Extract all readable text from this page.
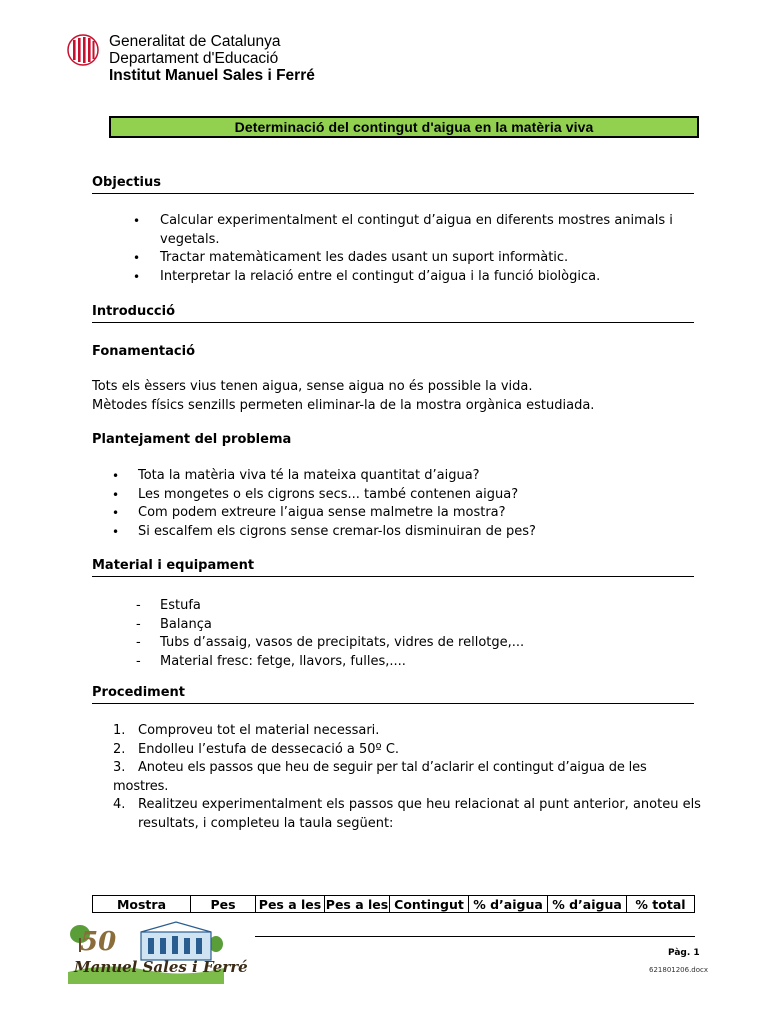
Generalitat de Catalunya
Departament d'Educació
Institut Manuel Sales i Ferré
Determinació del contingut d'aigua en la matèria viva
Objectius
• Calcular experimentalment el contingut d’aigua en diferents mostres animals i
vegetals.
• Tractar matemàticament les dades usant un suport informàtic.
• Interpretar la relació entre el contingut d’aigua i la funció biològica.
Introducció
Fonamentació
Tots els èssers vius tenen aigua, sense aigua no és possible la vida.
Mètodes físics senzills permeten eliminar-la de la mostra orgànica estudiada.
Plantejament del problema
• Tota la matèria viva té la mateixa quantitat d’aigua?
• Les mongetes o els cigrons secs... també contenen aigua?
• Com podem extreure l’aigua sense malmetre la mostra?
• Si escalfem els cigrons sense cremar-los disminuiran de pes?
Material i equipament
- Estufa
- Balança
- Tubs d’assaig, vasos de precipitats, vidres de rellotge,...
- Material fresc: fetge, llavors, fulles,....
Procediment
1. Comproveu tot el material necessari.
2. Endolleu l’estufa de dessecació a 50º C.
3. Anoteu els passos que heu de seguir per tal d’aclarir el contingut d’aigua de les mostres.
4. Realitzeu experimentalment els passos que heu relacionat al punt anterior, anoteu els
resultats, i completeu la taula següent:
Mostra	Pes	Pes a les	Pes a les	Contingut	% d’aigua	% d’aigua	% total
50
Manuel Sales i Ferré
Pàg. 1
621801206.docx
